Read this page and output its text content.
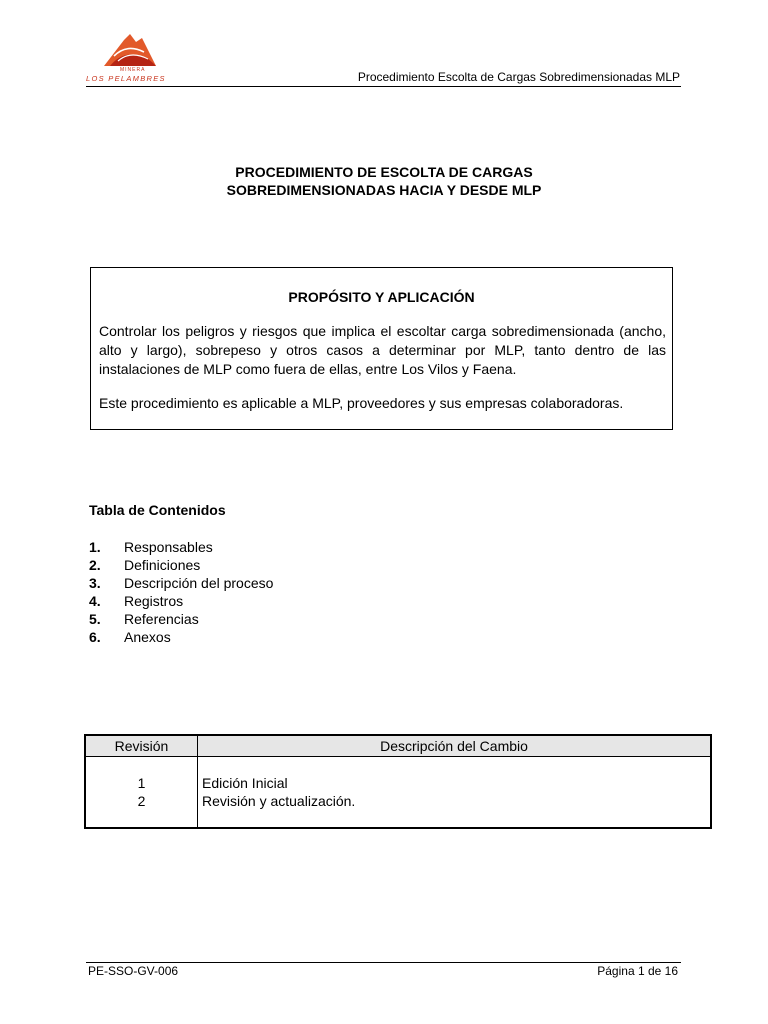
MINERA
LOS PELAMBRES	Procedimiento Escolta de Cargas Sobredimensionadas MLP
PROCEDIMIENTO DE ESCOLTA DE CARGAS
SOBREDIMENSIONADAS HACIA Y DESDE MLP
PROPÓSITO Y APLICACIÓN
Controlar los peligros y riesgos que implica el escoltar carga sobredimensionada (ancho, alto y largo), sobrepeso y otros casos a determinar por MLP, tanto dentro de las instalaciones de MLP como fuera de ellas, entre Los Vilos y Faena.
Este procedimiento es aplicable a MLP, proveedores y sus empresas colaboradoras.
Tabla de Contenidos
1.	Responsables
2.	Definiciones
3.	Descripción del proceso
4.	Registros
5.	Referencias
6.	Anexos
Revisión	Descripción del Cambio
1	Edición Inicial
2	Revisión y actualización.
PE-SSO-GV-006	Página 1 de 16
